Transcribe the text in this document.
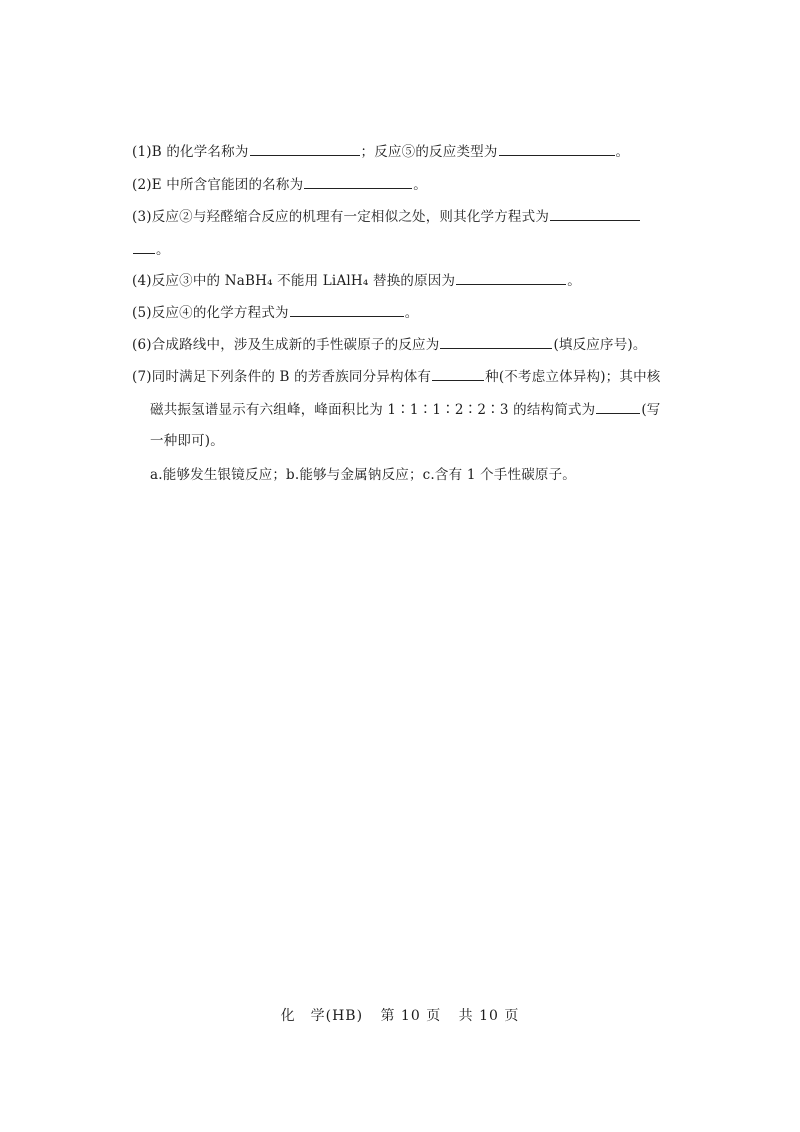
(1)B 的化学名称为	；反应⑤的反应类型为	。
(2)E 中所含官能团的名称为	。
(3)反应②与羟醛缩合反应的机理有一定相似之处，则其化学方程式为
。
(4)反应③中的 NaBH₄ 不能用 LiAlH₄ 替换的原因为	。
(5)反应④的化学方程式为	。
(6)合成路线中，涉及生成新的手性碳原子的反应为	(填反应序号)。
(7)同时满足下列条件的 B 的芳香族同分异构体有	种(不考虑立体异构)；其中核
磁共振氢谱显示有六组峰，峰面积比为 1∶1∶1∶2∶2∶3 的结构简式为	(写
一种即可)。
a.能够发生银镜反应；b.能够与金属钠反应；c.含有 1 个手性碳原子。
化　学(HB) 第 10 页 共 10 页
